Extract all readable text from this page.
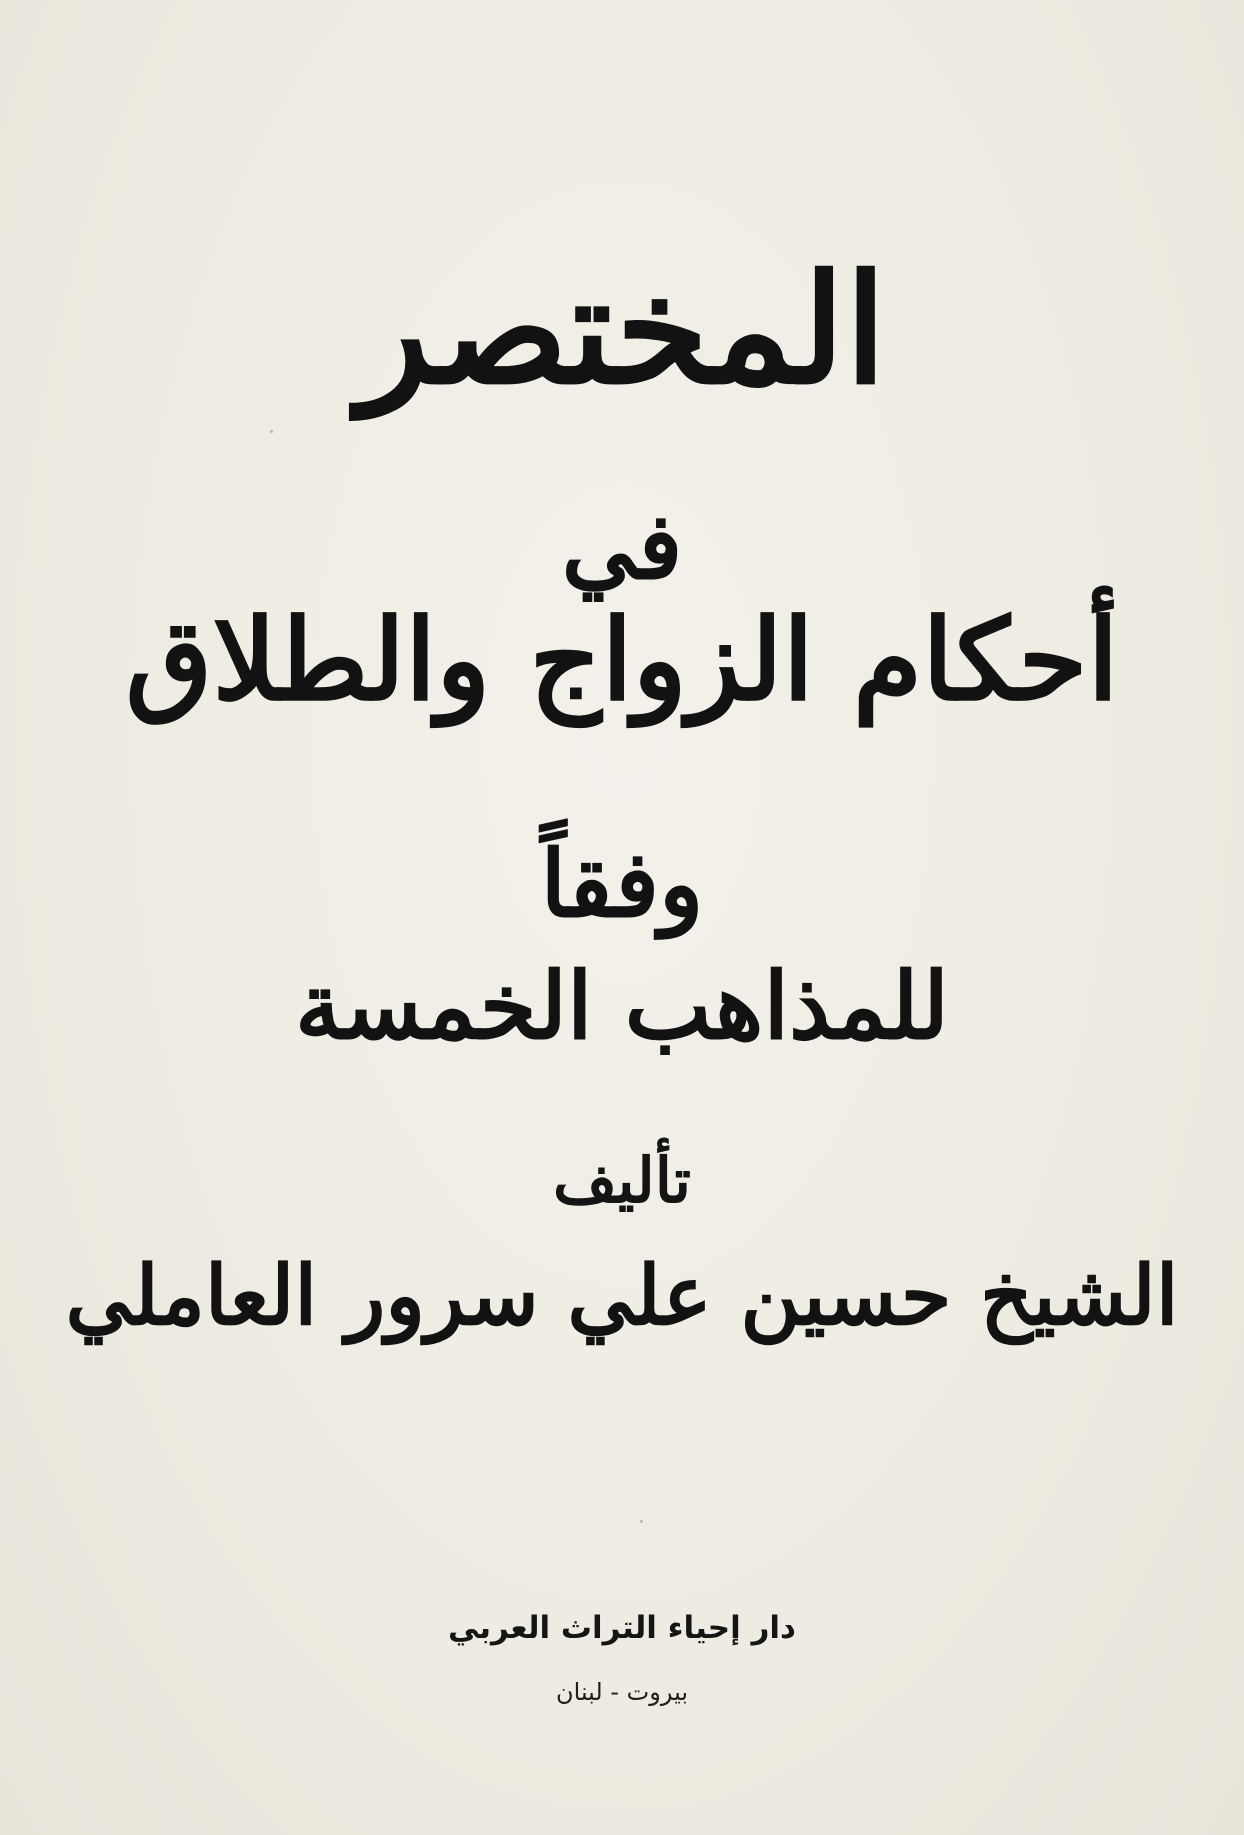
المختصر
في
أحكام الزواج والطلاق
وفقاً
للمذاهب الخمسة
تأليف
الشيخ حسين علي سرور العاملي
دار إحياء التراث العربي
بيروت - لبنان
